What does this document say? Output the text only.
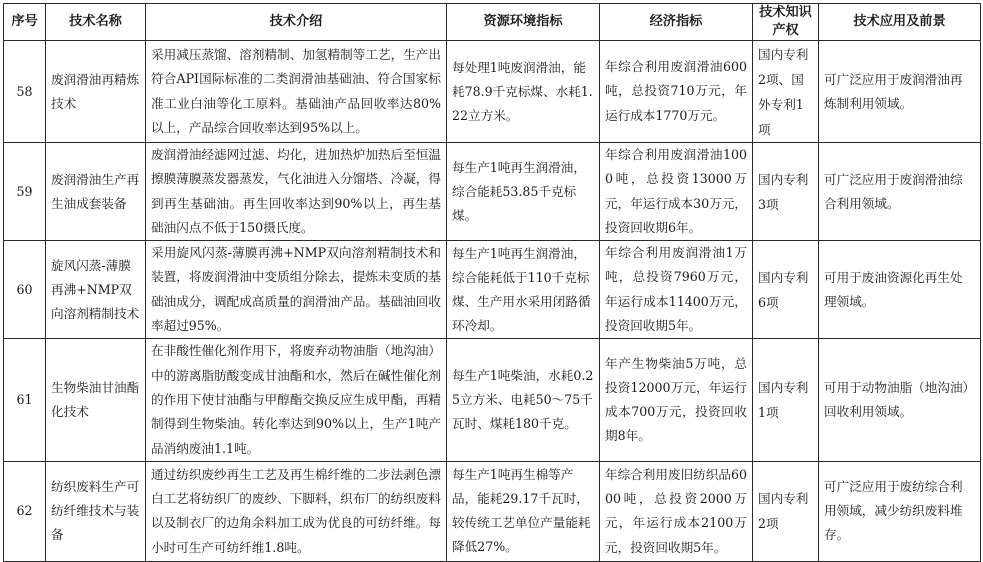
序号	技术名称	技术介绍	资源环境指标	经济指标	技术知识产权	技术应用及前景
58	废润滑油再精炼技术	采用减压蒸馏、溶剂精制、加氢精制等工艺，生产出符合API国际标准的二类润滑油基础油、符合国家标准工业白油等化工原料。基础油产品回收率达80%以上，产品综合回收率达到95%以上。	每处理1吨废润滑油，能耗78.9千克标煤、水耗1.22立方米。	年综合利用废润滑油600吨，总投资710万元，年运行成本1770万元。	国内专利2项、国外专利1项	可广泛应用于废润滑油再炼制利用领域。
59	废润滑油生产再生油成套装备	废润滑油经滤网过滤、均化，进加热炉加热后至恒温擦膜薄膜蒸发器蒸发，气化油进入分馏塔、冷凝，得到再生基础油。再生回收率达到90%以上，再生基础油闪点不低于150摄氏度。	每生产1吨再生润滑油，综合能耗53.85千克标煤。	年综合利用废润滑油1000吨，总投资13000万元，年运行成本30万元，投资回收期6年。	国内专利3项	可广泛应用于废润滑油综合利用领域。
60	旋风闪蒸-薄膜再沸+NMP双向溶剂精制技术	采用旋风闪蒸-薄膜再沸+NMP双向溶剂精制技术和装置，将废润滑油中变质组分除去，提炼未变质的基础油成分，调配成高质量的润滑油产品。基础油回收率超过95%。	每生产1吨再生润滑油，综合能耗低于110千克标煤、生产用水采用闭路循环冷却。	年综合利用废润滑油1万吨，总投资7960万元，年运行成本11400万元，投资回收期5年。	国内专利6项	可用于废油资源化再生处理领域。
61	生物柴油甘油酯化技术	在非酸性催化剂作用下，将废弃动物油脂（地沟油）中的游离脂肪酸变成甘油酯和水，然后在碱性催化剂的作用下使甘油酯与甲醇酯交换反应生成甲酯，再精制得到生物柴油。转化率达到90%以上，生产1吨产品消纳废油1.1吨。	每生产1吨柴油，水耗0.25立方米、电耗50～75千瓦时、煤耗180千克。	年产生物柴油5万吨，总投资12000万元，年运行成本700万元，投资回收期8年。	国内专利1项	可用于动物油脂（地沟油）回收利用领域。
62	纺织废料生产可纺纤维技术与装备	通过纺织废纱再生工艺及再生棉纤维的二步法剥色漂白工艺将纺织厂的废纱、下脚料，织布厂的纺织废料以及制衣厂的边角余料加工成为优良的可纺纤维。每小时可生产可纺纤维1.8吨。	每生产1吨再生棉等产品，能耗29.17千瓦时，较传统工艺单位产量能耗降低27%。	年综合利用废旧纺织品6000吨，总投资2000万元，年运行成本2100万元，投资回收期5年。	国内专利2项	可广泛应用于废纺综合利用领域，减少纺织废料堆存。
